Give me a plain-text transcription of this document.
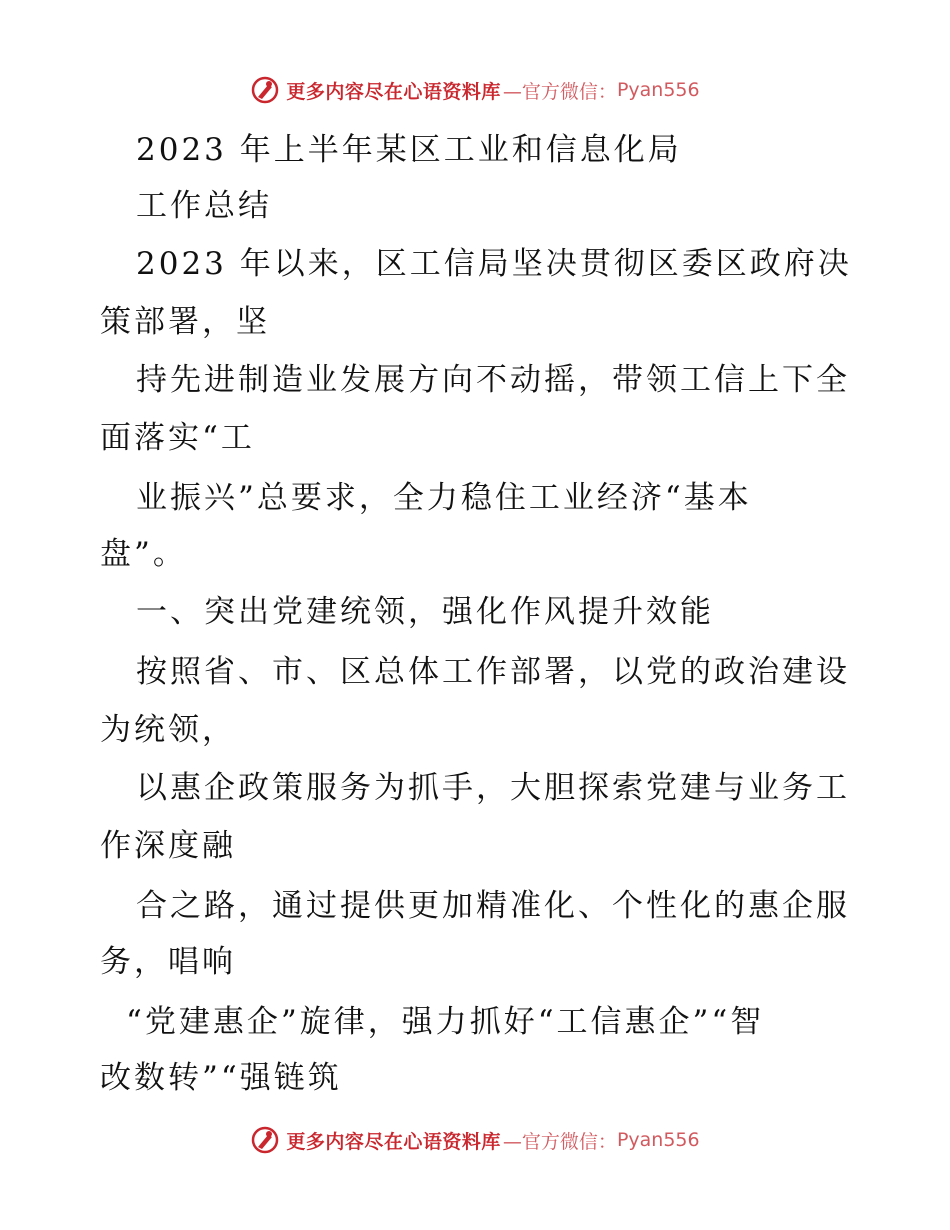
更多内容尽在心语资料库 —官方微信： Pyan556
2023 年上半年某区工业和信息化局
工作总结
2023 年以来，区工信局坚决贯彻区委区政府决
策部署，坚
持先进制造业发展方向不动摇，带领工信上下全
面落实“工
业振兴”总要求，全力稳住工业经济“基本
盘”。
一、突出党建统领，强化作风提升效能
按照省、市、区总体工作部署，以党的政治建设
为统领，
以惠企政策服务为抓手，大胆探索党建与业务工
作深度融
合之路，通过提供更加精准化、个性化的惠企服
务，唱响
“党建惠企”旋律，强力抓好“工信惠企”“智
改数转”“强链筑
更多内容尽在心语资料库 —官方微信： Pyan556
